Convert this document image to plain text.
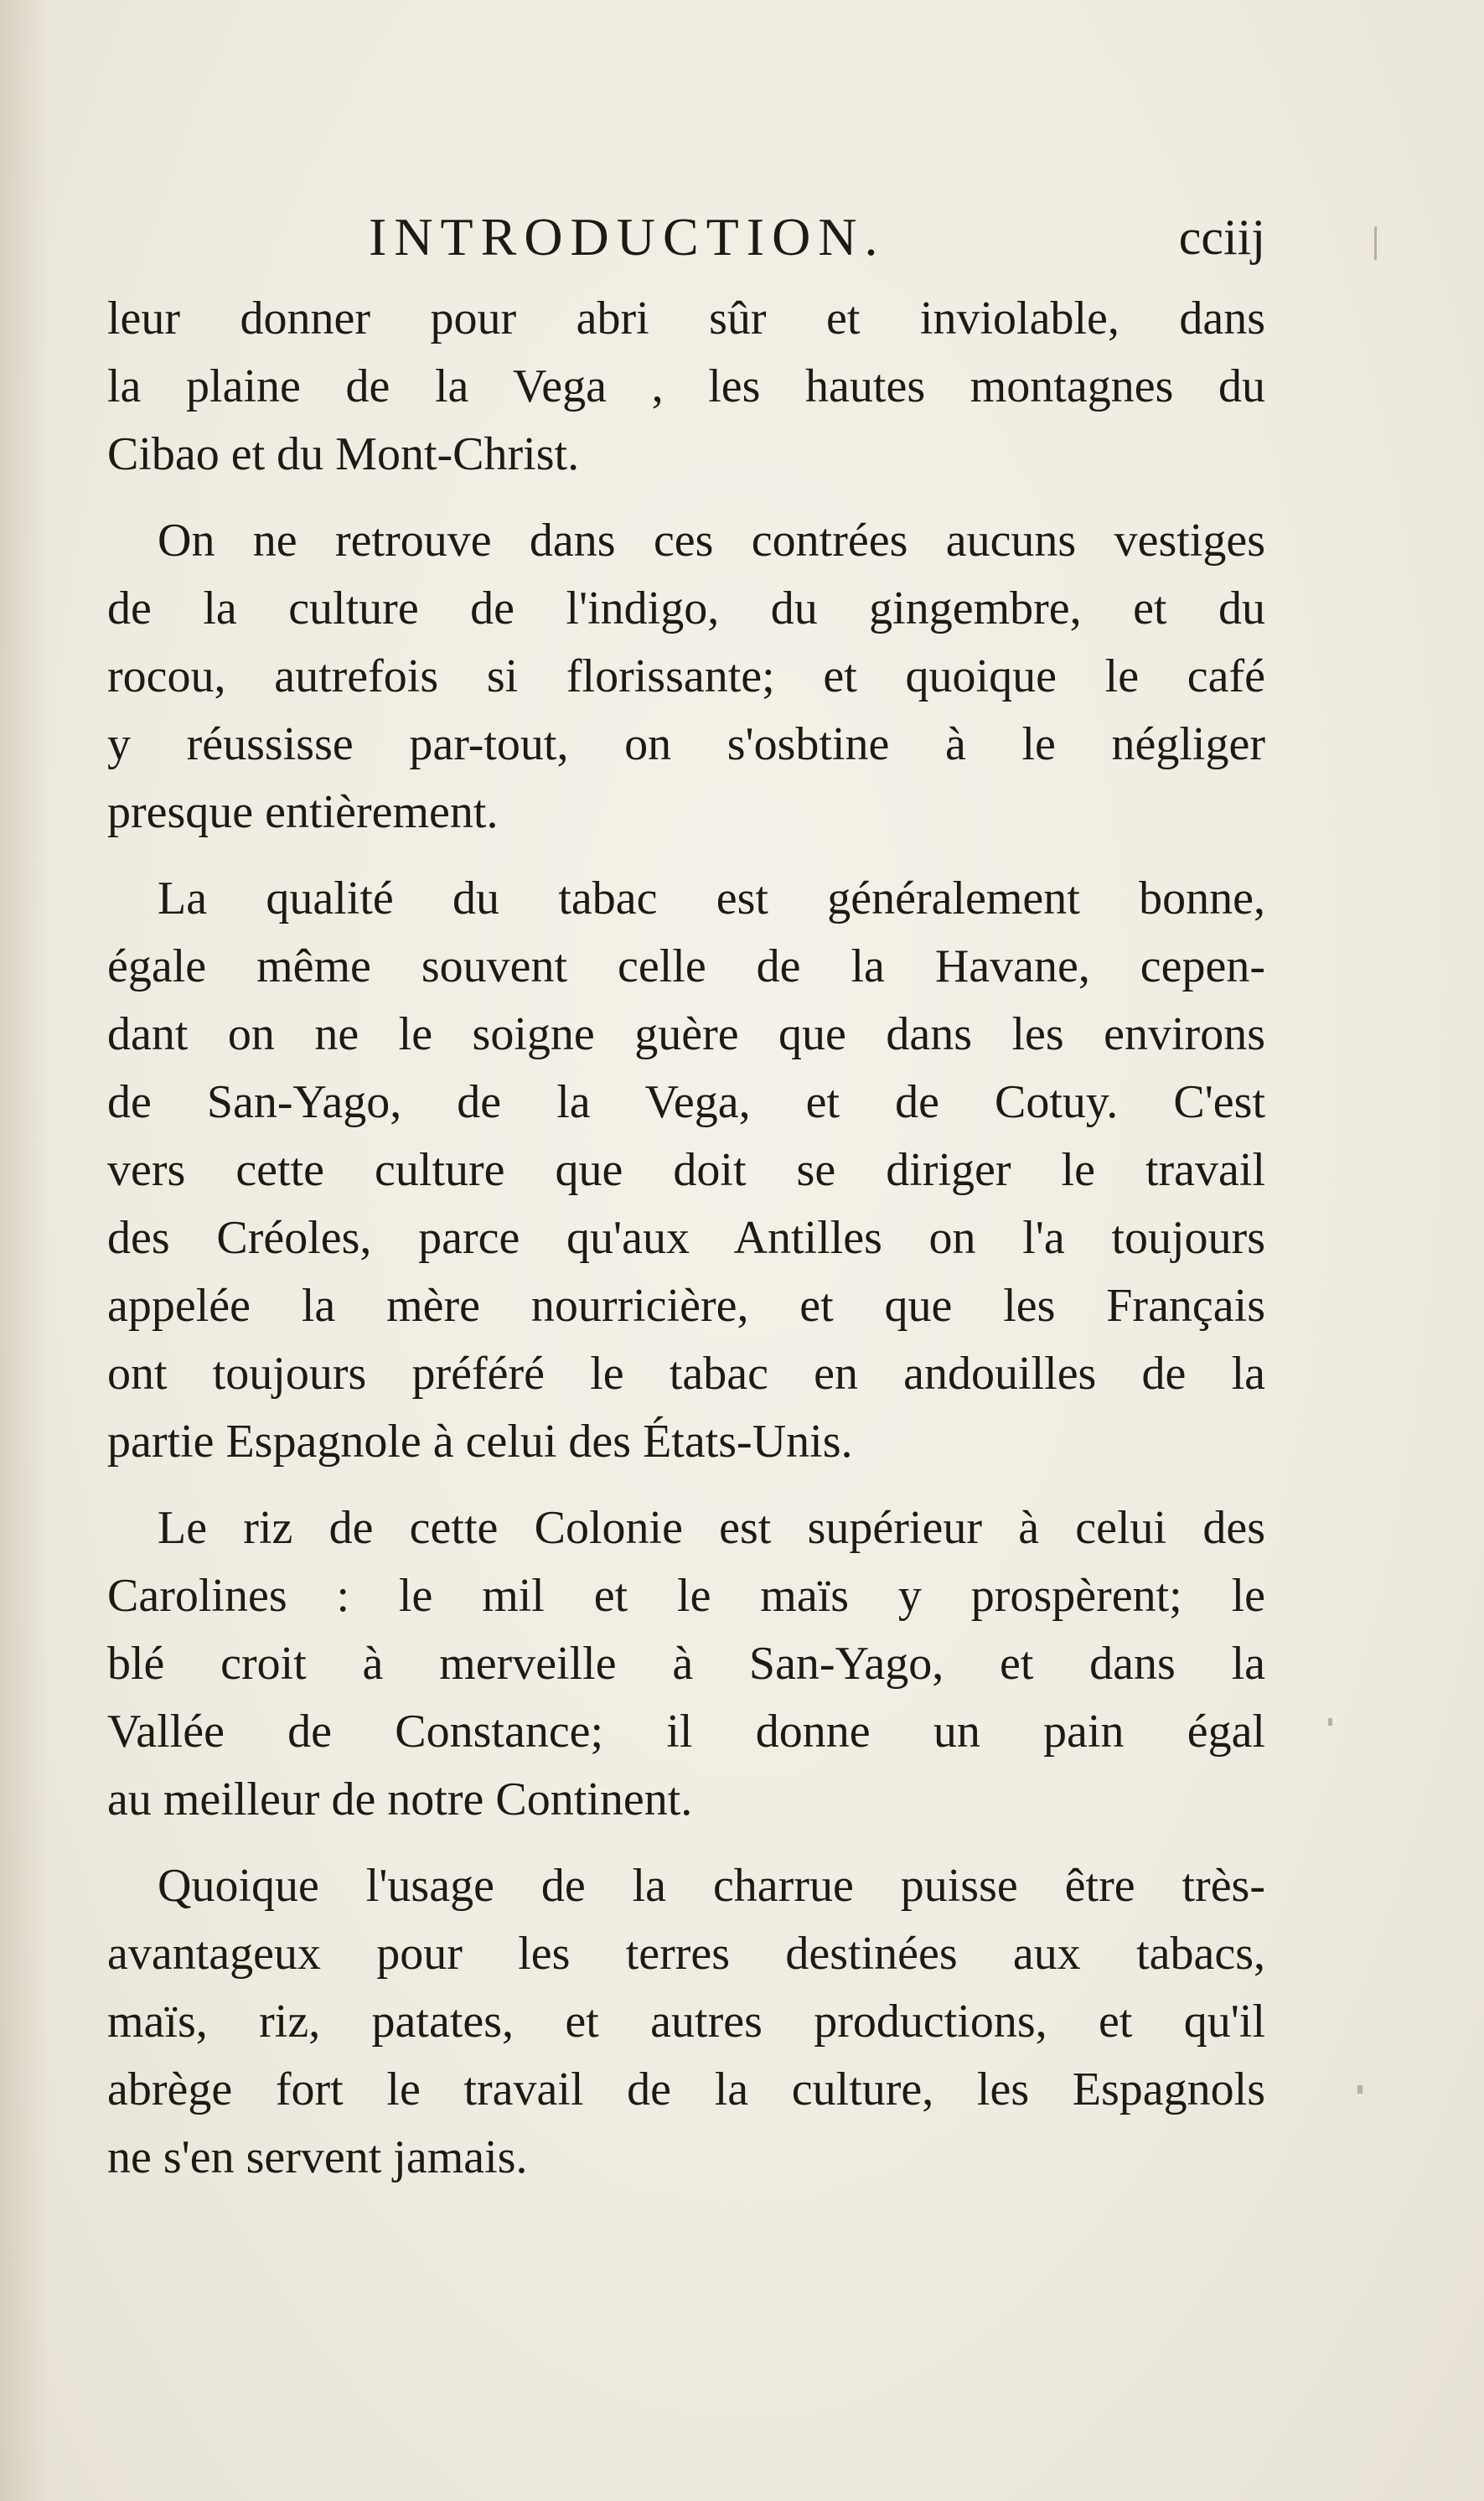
INTRODUCTION.	cciij
leur donner pour abri sûr et inviolable, dans
la plaine de la Vega , les hautes montagnes du
Cibao et du Mont-Christ.
On ne retrouve dans ces contrées aucuns vestiges
de la culture de l'indigo, du gingembre, et du
rocou, autrefois si florissante; et quoique le café
y réussisse par-tout, on s'osbtine à le négliger
presque entièrement.
La qualité du tabac est généralement bonne,
égale même souvent celle de la Havane, cepen-
dant on ne le soigne guère que dans les environs
de San-Yago, de la Vega, et de Cotuy. C'est
vers cette culture que doit se diriger le travail
des Créoles, parce qu'aux Antilles on l'a toujours
appelée la mère nourricière, et que les Français
ont toujours préféré le tabac en andouilles de la
partie Espagnole à celui des États-Unis.
Le riz de cette Colonie est supérieur à celui des
Carolines : le mil et le maïs y prospèrent; le
blé croit à merveille à San-Yago, et dans la
Vallée de Constance; il donne un pain égal
au meilleur de notre Continent.
Quoique l'usage de la charrue puisse être très-
avantageux pour les terres destinées aux tabacs,
maïs, riz, patates, et autres productions, et qu'il
abrège fort le travail de la culture, les Espagnols
ne s'en servent jamais.
